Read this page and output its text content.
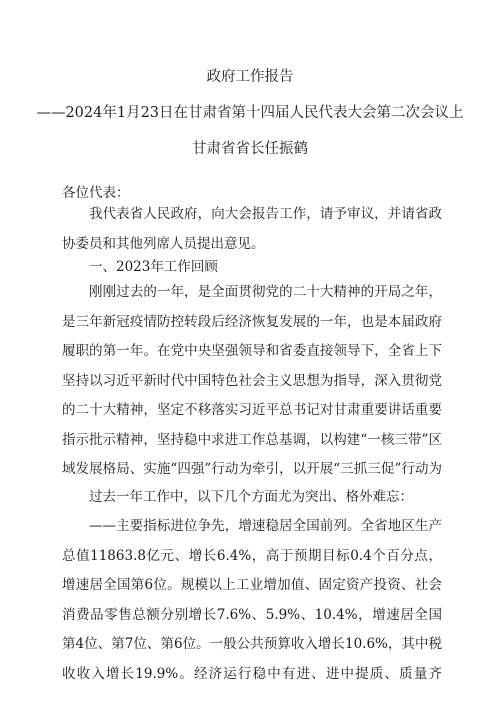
政府工作报告
——2024年1月23日在甘肃省第十四届人民代表大会第二次会议上
甘肃省省长任振鹤
各位代表：

我代表省人民政府，向大会报告工作，请予审议，并请省政协委员和其他列席人员提出意见。

一、2023年工作回顾

刚刚过去的一年，是全面贯彻党的二十大精神的开局之年，是三年新冠疫情防控转段后经济恢复发展的一年，也是本届政府履职的第一年。在党中央坚强领导和省委直接领导下，全省上下坚持以习近平新时代中国特色社会主义思想为指导，深入贯彻党的二十大精神，坚定不移落实习近平总书记对甘肃重要讲话重要指示批示精神，坚持稳中求进工作总基调，以构建“一核三带”区域发展格局、实施“四强”行动为牵引，以开展“三抓三促”行动为

过去一年工作中，以下几个方面尤为突出、格外难忘：

——主要指标进位争先，增速稳居全国前列。全省地区生产总值11863.8亿元、增长6.4%，高于预期目标0.4个百分点，增速居全国第6位。规模以上工业增加值、固定资产投资、社会消费品零售总额分别增长7.6%、5.9%、10.4%，增速居全国第4位、第7位、第6位。一般公共预算收入增长10.6%，其中税收收入增长19.9%。经济运行稳中有进、进中提质、质量齐
